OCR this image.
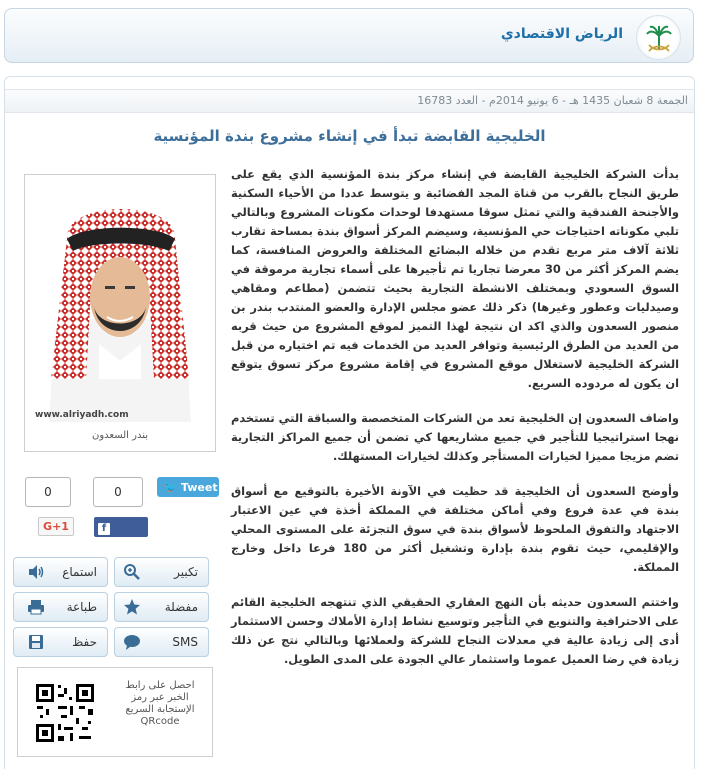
الرياض الاقتصادي
الجمعة 8 شعبان 1435 هـ - 6 يونيو 2014م - العدد 16783
الخليجية القابضة تبدأ في إنشاء مشروع بندة المؤنسية
www.alriyadh.com
بندر السعدون
🐦 Tweet
0
0
fShare
G+1
استماع	تكبير
طباعة	مفضلة
حفظ	SMS
احصل على رابط
الخبر عبر رمز
الإستجابة السريع
QRcode

بدأت الشركة الخليجية القابضة في إنشاء مركز بندة المؤنسية الذي يقع على طريق النجاح بالقرب من قناة المجد الفضائية و يتوسط عددا من الأحياء السكنية والأجنحة الفندقية والتي تمثل سوقا مستهدفا لوحدات مكونات المشروع وبالتالي تلبي مكوناته احتياجات حي المؤنسية، وسيضم المركز أسواق بندة بمساحة تقارب ثلاثة آلاف متر مربع تقدم من خلاله البضائع المختلفة والعروض المنافسة، كما يضم المركز أكثر من 30 معرضا تجاريا تم تأجيرها على أسماء تجارية مرموقة في السوق السعودي وبمختلف الانشطة التجارية بحيث تتضمن (مطاعم ومقاهي وصيدليات وعطور وغيرها) ذكر ذلك عضو مجلس الإدارة والعضو المنتدب بندر بن منصور السعدون والذي اكد ان نتيجة لهذا التميز لموقع المشروع من حيث قربه من العديد من الطرق الرئيسية وتوافر العديد من الخدمات فيه تم اختياره من قبل الشركة الخليجية لاستغلال موقع المشروع في إقامة مشروع مركز تسوق يتوقع ان يكون له مردوده السريع.

واضاف السعدون إن الخليجية تعد من الشركات المتخصصة والسباقة التي تستخدم نهجا استراتيجيا للتأجير في جميع مشاريعها كي تضمن أن جميع المراكز التجارية تضم مزيجا مميزا لخيارات المستأجر وكذلك لخيارات المستهلك.

وأوضح السعدون أن الخليجية قد حظيت في الآونة الأخيرة بالتوقيع مع أسواق بندة في عدة فروع وفي أماكن مختلفة في المملكة أخذة في عين الاعتبار الاجتهاد والتفوق الملحوظ لأسواق بندة في سوق التجزئة على المستوى المحلي والإقليمي، حيث تقوم بندة بإدارة وتشغيل أكثر من 180 فرعا داخل وخارج المملكة.

واختتم السعدون حديثه بأن النهج العقاري الحقيقي الذي تنتهجه الخليجية القائم على الاحترافية والتنويع في التأجير وتوسيع نشاط إدارة الأملاك وحسن الاستثمار أدى إلى زيادة عالية في معدلات النجاح للشركة ولعملائها وبالتالي نتج عن ذلك زيادة في رضا العميل عموما واستثمار عالي الجودة على المدى الطويل.
